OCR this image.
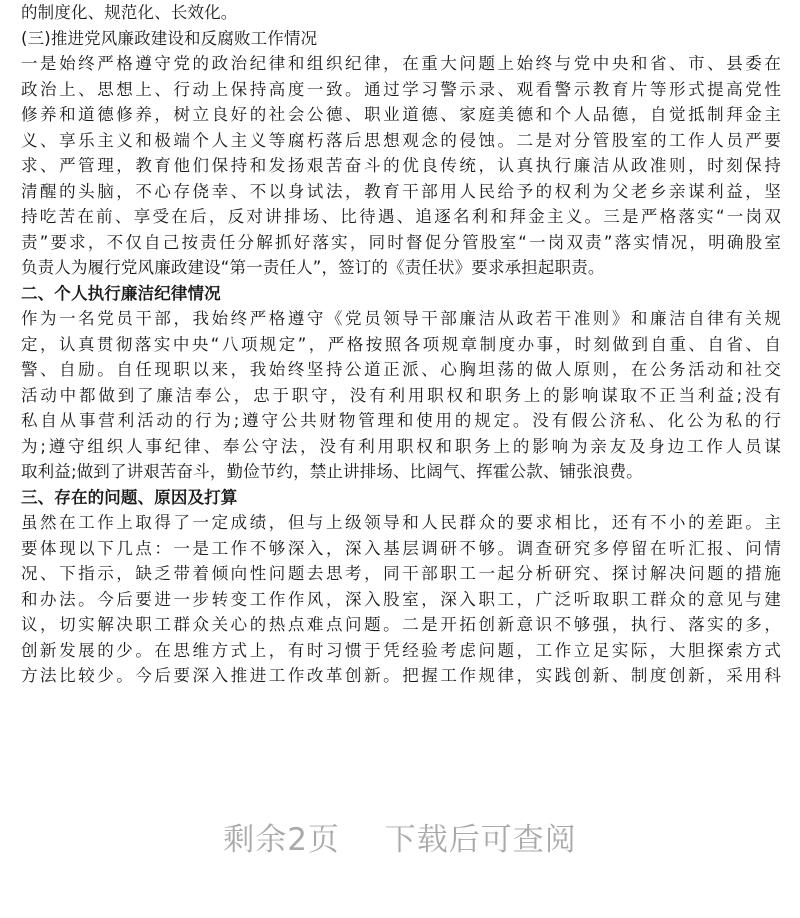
的制度化、规范化、长效化。
(三)推进党风廉政建设和反腐败工作情况
一是始终严格遵守党的政治纪律和组织纪律，在重大问题上始终与党中央和省、市、县委在
政治上、思想上、行动上保持高度一致。通过学习警示录、观看警示教育片等形式提高党性
修养和道德修养，树立良好的社会公德、职业道德、家庭美德和个人品德，自觉抵制拜金主
义、享乐主义和极端个人主义等腐朽落后思想观念的侵蚀。二是对分管股室的工作人员严要
求、严管理，教育他们保持和发扬艰苦奋斗的优良传统，认真执行廉洁从政准则，时刻保持
清醒的头脑，不心存侥幸、不以身试法，教育干部用人民给予的权利为父老乡亲谋利益，坚
持吃苦在前、享受在后，反对讲排场、比待遇、追逐名利和拜金主义。三是严格落实“一岗双
责”要求，不仅自己按责任分解抓好落实，同时督促分管股室“一岗双责”落实情况，明确股室
负责人为履行党风廉政建设“第一责任人”，签订的《责任状》要求承担起职责。
二、个人执行廉洁纪律情况
作为一名党员干部，我始终严格遵守《党员领导干部廉洁从政若干准则》和廉洁自律有关规
定，认真贯彻落实中央“八项规定”，严格按照各项规章制度办事，时刻做到自重、自省、自
警、自励。自任现职以来，我始终坚持公道正派、心胸坦荡的做人原则，在公务活动和社交
活动中都做到了廉洁奉公，忠于职守，没有利用职权和职务上的影响谋取不正当利益;没有
私自从事营利活动的行为;遵守公共财物管理和使用的规定。没有假公济私、化公为私的行
为;遵守组织人事纪律、奉公守法，没有利用职权和职务上的影响为亲友及身边工作人员谋
取利益;做到了讲艰苦奋斗，勤俭节约，禁止讲排场、比阔气、挥霍公款、铺张浪费。
三、存在的问题、原因及打算
虽然在工作上取得了一定成绩，但与上级领导和人民群众的要求相比，还有不小的差距。主
要体现以下几点：一是工作不够深入，深入基层调研不够。调查研究多停留在听汇报、问情
况、下指示，缺乏带着倾向性问题去思考，同干部职工一起分析研究、探讨解决问题的措施
和办法。今后要进一步转变工作作风，深入股室，深入职工，广泛听取职工群众的意见与建
议，切实解决职工群众关心的热点难点问题。二是开拓创新意识不够强，执行、落实的多，
创新发展的少。在思维方式上，有时习惯于凭经验考虑问题，工作立足实际，大胆探索方式
方法比较少。今后要深入推进工作改革创新。把握工作规律，实践创新、制度创新，采用科
剩余2页 下载后可查阅
